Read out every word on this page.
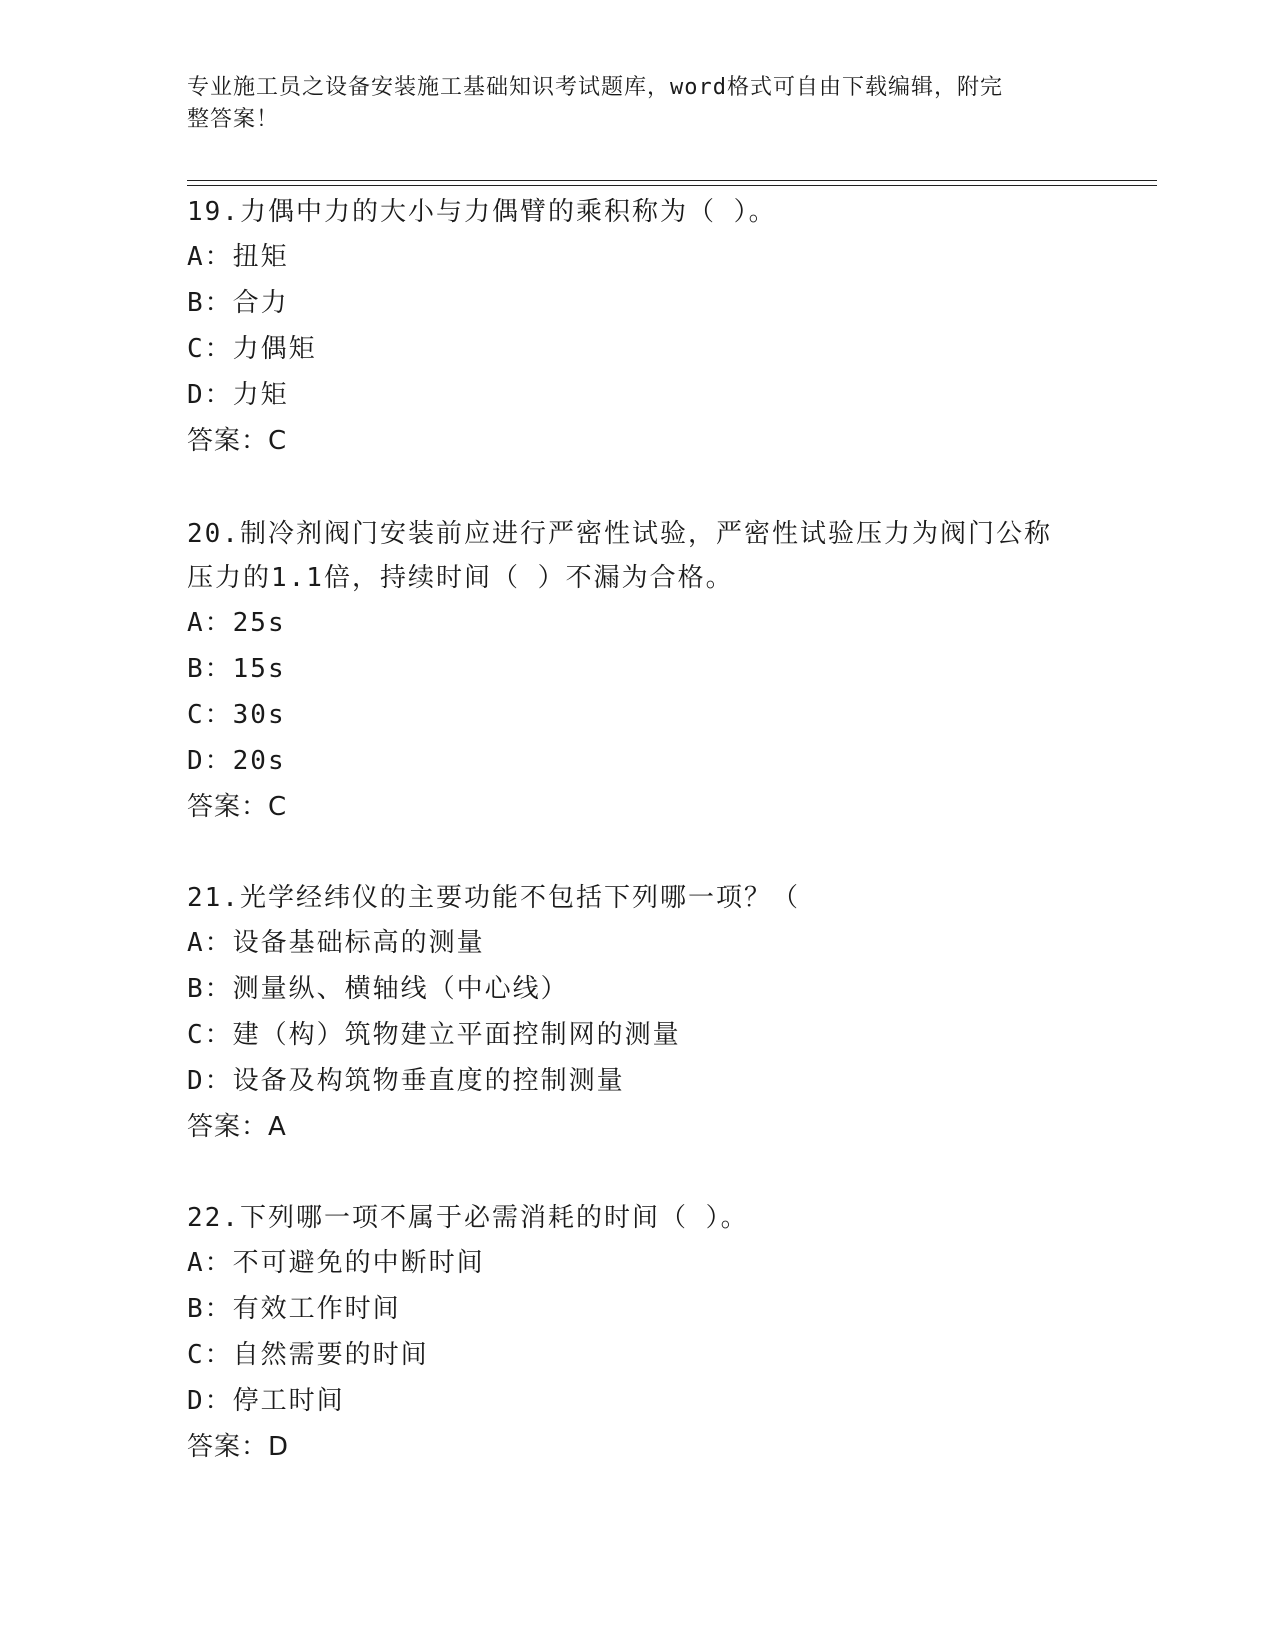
专业施工员之设备安装施工基础知识考试题库，word格式可自由下载编辑，附完
整答案！

19.力偶中力的大小与力偶臂的乘积称为（ ）。

A：扭矩

B：合力

C：力偶矩

D：力矩

答案：C

20.制冷剂阀门安装前应进行严密性试验，严密性试验压力为阀门公称

压力的1.1倍，持续时间（ ）不漏为合格。

A：25s

B：15s

C：30s

D：20s

答案：C

21.光学经纬仪的主要功能不包括下列哪一项？（

A：设备基础标高的测量

B：测量纵、横轴线（中心线）

C：建（构）筑物建立平面控制网的测量

D：设备及构筑物垂直度的控制测量

答案：A

22.下列哪一项不属于必需消耗的时间（ ）。

A：不可避免的中断时间

B：有效工作时间

C：自然需要的时间

D：停工时间

答案：D
